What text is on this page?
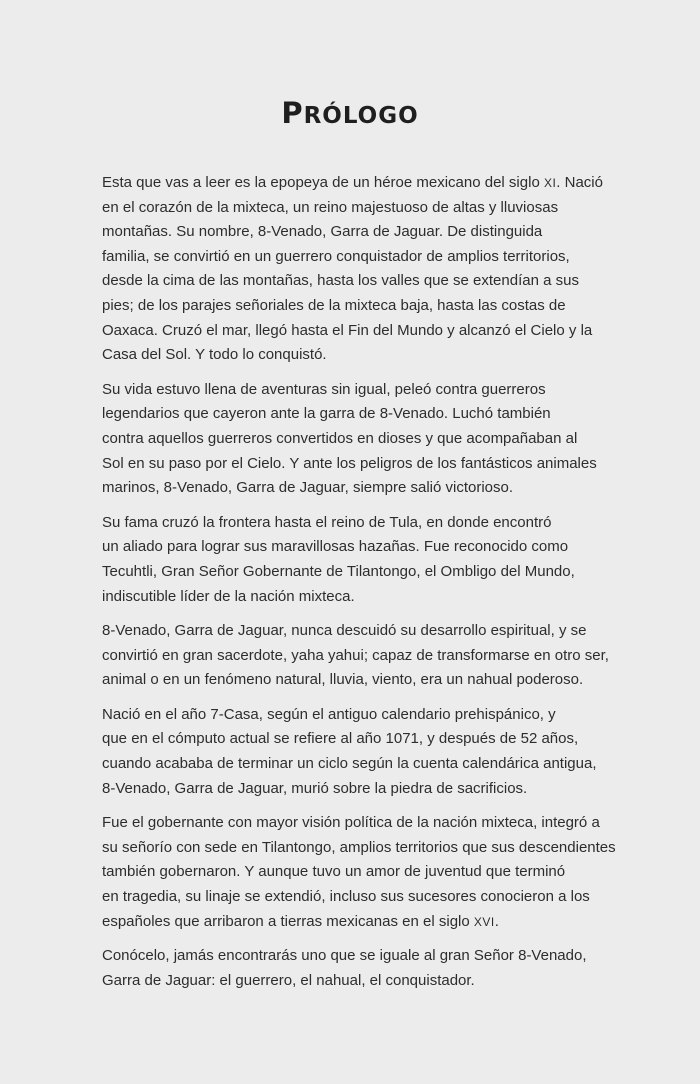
PRÓLOGO

Esta que vas a leer es la epopeya de un héroe mexicano del siglo XI. Nació
en el corazón de la mixteca, un reino majestuoso de altas y lluviosas
montañas. Su nombre, 8-Venado, Garra de Jaguar. De distinguida
familia, se convirtió en un guerrero conquistador de amplios territorios,
desde la cima de las montañas, hasta los valles que se extendían a sus
pies; de los parajes señoriales de la mixteca baja, hasta las costas de
Oaxaca. Cruzó el mar, llegó hasta el Fin del Mundo y alcanzó el Cielo y la
Casa del Sol. Y todo lo conquistó.

Su vida estuvo llena de aventuras sin igual, peleó contra guerreros
legendarios que cayeron ante la garra de 8-Venado. Luchó también
contra aquellos guerreros convertidos en dioses y que acompañaban al
Sol en su paso por el Cielo. Y ante los peligros de los fantásticos animales
marinos, 8-Venado, Garra de Jaguar, siempre salió victorioso.

Su fama cruzó la frontera hasta el reino de Tula, en donde encontró
un aliado para lograr sus maravillosas hazañas. Fue reconocido como
Tecuhtli, Gran Señor Gobernante de Tilantongo, el Ombligo del Mundo,
indiscutible líder de la nación mixteca.

8-Venado, Garra de Jaguar, nunca descuidó su desarrollo espiritual, y se
convirtió en gran sacerdote, yaha yahui; capaz de transformarse en otro ser,
animal o en un fenómeno natural, lluvia, viento, era un nahual poderoso.

Nació en el año 7-Casa, según el antiguo calendario prehispánico, y
que en el cómputo actual se refiere al año 1071, y después de 52 años,
cuando acababa de terminar un ciclo según la cuenta calendárica antigua,
8-Venado, Garra de Jaguar, murió sobre la piedra de sacrificios.

Fue el gobernante con mayor visión política de la nación mixteca, integró a
su señorío con sede en Tilantongo, amplios territorios que sus descendientes
también gobernaron. Y aunque tuvo un amor de juventud que terminó
en tragedia, su linaje se extendió, incluso sus sucesores conocieron a los
españoles que arribaron a tierras mexicanas en el siglo XVI.

Conócelo, jamás encontrarás uno que se iguale al gran Señor 8-Venado,
Garra de Jaguar: el guerrero, el nahual, el conquistador.
